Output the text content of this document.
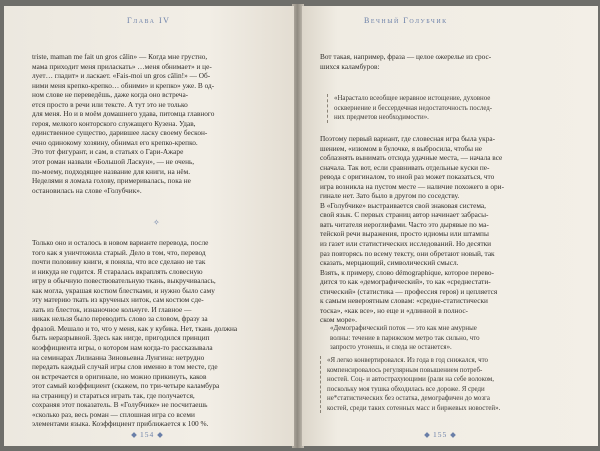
Глава IV
triste, maman me fait un gros câlin» — Когда мне грустно,
мама приходит меня приласкать» …меня обнимает» и це-
лует… гладит» и ласкает. «Fais-moi un gros câlin!» — Об-
ними меня крепко-крепко… обними» и крепко» уже. В од-
ном слове не переведёшь, даже когда оно встреча-
ется просто в речи или тексте. А тут это не только
для меня. Но и в моём домашнего удава, питомца главного
героя, мелкого конторского служащего Кузена. Удав,
единственное существо, дарившее ласку своему бескон-
ечно одинокому хозяину, обнимал его крепко-крепко.
Это тот фигурант, и сам, в статьях о Гари-Ажаре
этот роман назвали «Большой Ласкун», — не очень,
по-моему, подходящее название для книги, на нём.
Неделями я ломала голову, примеривалась, пока не
остановилась на слове «Голубчик».
✧
Только оно и осталось в новом варианте перевода, после
того как я уничтожила старый. Дело в том, что, перевод
почти половину книги, я поняла, что все сделано не так
и никуда не годится. Я старалась вкраплять словесную
игру в обычную повествовательную ткань, выкручивалась,
как могла, украшая костюм блестками, и нужно было саму
эту материю ткать из крученых ниток, сам костюм сде-
лать из блесток, изнаночное кольчуге. И главное —
никак нельзя было переводить слово за словом, фразу за
фразой. Мешало и то, что у меня, как у кубика. Нет, ткань должна
быть неразрывной. Здесь как нигде, пригодился принцип
коэффициента игры, о котором нам когда-то рассказывала
на семинарах Лилианна Зиновьевна Лунгина: нетрудно
передать каждый случай игры слов именно в том месте, где
он встречается в оригинале, но можно прикинуть, каков
этот самый коэффициент (скажем, по три-четыре каламбура
на страницу) и стараться играть так, где получается,
сохраняя этот показатель. В «Голубчике» не посчитаешь
«сколько раз, весь роман — сплошная игра со всеми
элементами языка. Коэффициент приближается к 100 %.
154
Вечный Голубчик
Вот такая, например, фраза — целое ожерелье из срос-
шихся каламбуров:
«Нарастало всеобщее неравное истощение, духовное
осквернение и бессердечная недостаточность послед-
них предметов необходимости».
Поэтому первый вариант, где словесная игра была укра-
шением, «изюмом в булочке, я выбросила, чтобы не
соблазнять вынимать отсюда удачные места, — начала все
сначала. Так вот, если сравнивать отдельные куски пе-
ревода с оригиналом, то иной раз может показаться, что
игра возникла на пустом месте — наличие похожего в ори-
гинале нет. Зато было в другом по соседству.
В «Голубчике» выстраивается свой знаковая система,
свой язык. С первых страниц автор начинает забрасы-
вать читателя иероглифами. Часто это дырявые по ма-
тейской речи выражения, просто идиомы или штампы
из газет или статистических исследований. Но десятки
раз повторясь по всему тексту, они обретают новый, так
сказать, мерцающий, символический смысл.
Взять, к примеру, слово démographique, которое перево-
дится то как «демографический», то как «среднестати-
стический» (статистика — профессия героя) и цепляется
к самым невероятным словам: «средне-статистически
тоска», «как все», но еще и «длинной в полнос-
ском море».
«Демографический поток — это как мне амурные
волны: течение в парижском метро так сильно, что
запросто утонешь, и следа не останется».
«Я легко конвертировался. Из года в год снижался, что
компенсировалось регулярным повышением потреб-
ностей. Соц- и автострахующими (рали на себе волоком,
поскольку моя тушка обходилась все дороже. Я среди
не*статистических без остатка, демографичен до мозга
костей, среди таких сотенных масс и биржевых новостей».
155
